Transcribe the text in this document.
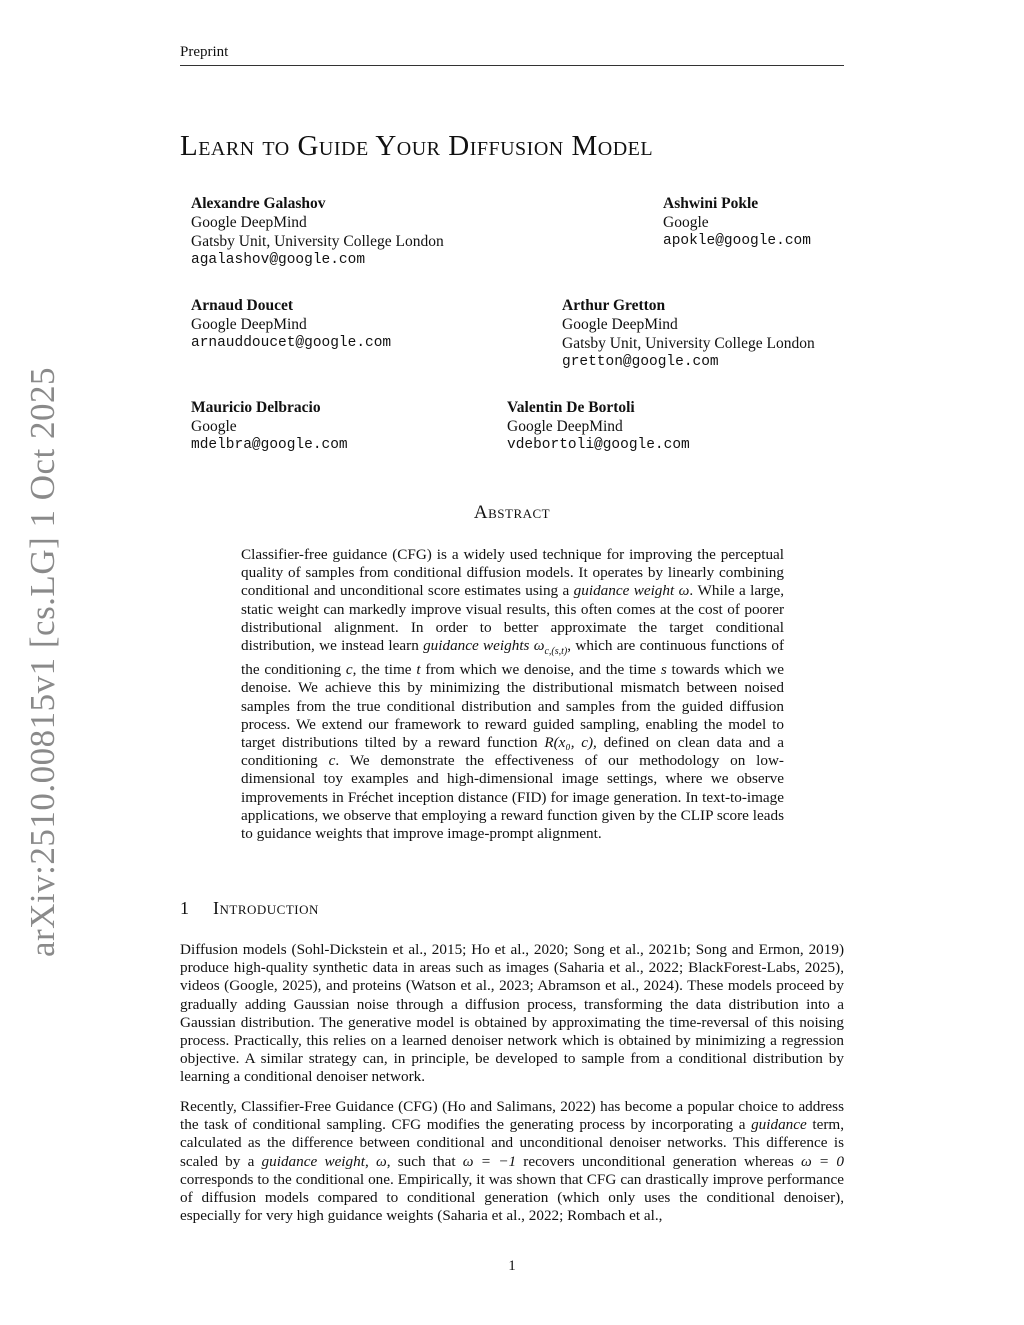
Preprint
arXiv:2510.00815v1 [cs.LG] 1 Oct 2025
Learn to Guide Your Diffusion Model
Alexandre Galashov
Google DeepMind
Gatsby Unit, University College London
agalashov@google.com
Ashwini Pokle
Google
apokle@google.com
Arnaud Doucet
Google DeepMind
arnauddoucet@google.com
Arthur Gretton
Google DeepMind
Gatsby Unit, University College London
gretton@google.com
Mauricio Delbracio
Google
mdelbra@google.com
Valentin De Bortoli
Google DeepMind
vdebortoli@google.com
Abstract
Classifier-free guidance (CFG) is a widely used technique for improving the perceptual quality of samples from conditional diffusion models. It operates by linearly combining conditional and unconditional score estimates using a guidance weight ω. While a large, static weight can markedly improve visual results, this often comes at the cost of poorer distributional alignment. In order to better approximate the target conditional distribution, we instead learn guidance weights $\omega_{c,(s,t)}$, which are continuous functions of the conditioning c, the time t from which we denoise, and the time s towards which we denoise. We achieve this by minimizing the distributional mismatch between noised samples from the true conditional distribution and samples from the guided diffusion process. We extend our framework to reward guided sampling, enabling the model to target distributions tilted by a reward function R(x₀, c), defined on clean data and a conditioning c. We demonstrate the effectiveness of our methodology on low-dimensional toy examples and high-dimensional image settings, where we observe improvements in Fréchet inception distance (FID) for image generation. In text-to-image applications, we observe that employing a reward function given by the CLIP score leads to guidance weights that improve image-prompt alignment.
1 Introduction
Diffusion models (Sohl-Dickstein et al., 2015; Ho et al., 2020; Song et al., 2021b; Song and Ermon, 2019) produce high-quality synthetic data in areas such as images (Saharia et al., 2022; BlackForest-Labs, 2025), videos (Google, 2025), and proteins (Watson et al., 2023; Abramson et al., 2024). These models proceed by gradually adding Gaussian noise through a diffusion process, transforming the data distribution into a Gaussian distribution. The generative model is obtained by approximating the time-reversal of this noising process. Practically, this relies on a learned denoiser network which is obtained by minimizing a regression objective. A similar strategy can, in principle, be developed to sample from a conditional distribution by learning a conditional denoiser network.
Recently, Classifier-Free Guidance (CFG) (Ho and Salimans, 2022) has become a popular choice to address the task of conditional sampling. CFG modifies the generating process by incorporating a guidance term, calculated as the difference between conditional and unconditional denoiser networks. This difference is scaled by a guidance weight, ω, such that ω = −1 recovers unconditional generation whereas ω = 0 corresponds to the conditional one. Empirically, it was shown that CFG can drastically improve performance of diffusion models compared to conditional generation (which only uses the conditional denoiser), especially for very high guidance weights (Saharia et al., 2022; Rombach et al.,
1
